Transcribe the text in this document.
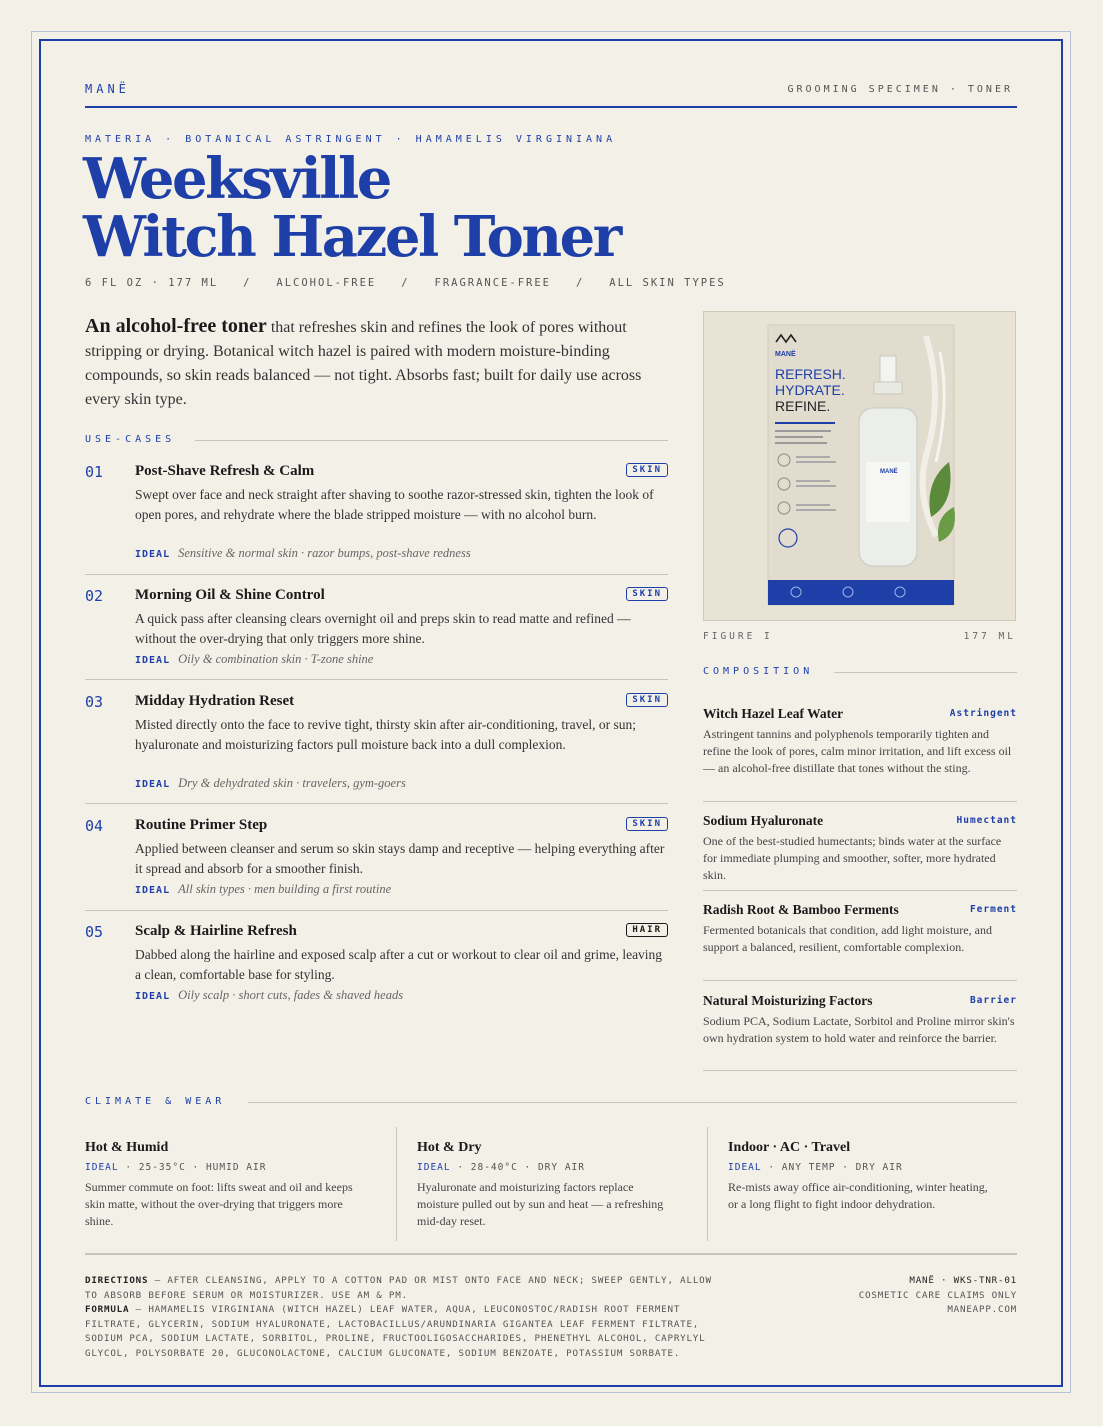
MANË	GROOMING SPECIMEN · TONER
MATERIA · BOTANICAL ASTRINGENT · HAMAMELIS VIRGINIANA
Weeksville
Witch Hazel Toner
6 FL OZ · 177 ML   /   ALCOHOL-FREE   /   FRAGRANCE-FREE   /   ALL SKIN TYPES
An alcohol-free toner that refreshes skin and refines the look of pores without stripping or drying. Botanical witch hazel is paired with modern moisture-binding compounds, so skin reads balanced — not tight. Absorbs fast; built for daily use across every skin type.
USE-CASES
01 Post-Shave Refresh & Calm	SKIN
Swept over face and neck straight after shaving to soothe razor-stressed skin, tighten the look of open pores, and rehydrate where the blade stripped moisture — with no alcohol burn.
IDEAL Sensitive & normal skin · razor bumps, post-shave redness
02 Morning Oil & Shine Control	SKIN
A quick pass after cleansing clears overnight oil and preps skin to read matte and refined — without the over-drying that only triggers more shine.
IDEAL Oily & combination skin · T-zone shine
03 Midday Hydration Reset	SKIN
Misted directly onto the face to revive tight, thirsty skin after air-conditioning, travel, or sun; hyaluronate and moisturizing factors pull moisture back into a dull complexion.
IDEAL Dry & dehydrated skin · travelers, gym-goers
04 Routine Primer Step	SKIN
Applied between cleanser and serum so skin stays damp and receptive — helping everything after it spread and absorb for a smoother finish.
IDEAL All skin types · men building a first routine
05 Scalp & Hairline Refresh	HAIR
Dabbed along the hairline and exposed scalp after a cut or workout to clear oil and grime, leaving a clean, comfortable base for styling.
IDEAL Oily scalp · short cuts, fades & shaved heads
MANË
REFRESH.
HYDRATE.
REFINE.
MANË
FIGURE I	177 ML
COMPOSITION
Witch Hazel Leaf Water	Astringent
Astringent tannins and polyphenols temporarily tighten and refine the look of pores, calm minor irritation, and lift excess oil — an alcohol-free distillate that tones without the sting.
Sodium Hyaluronate	Humectant
One of the best-studied humectants; binds water at the surface for immediate plumping and smoother, softer, more hydrated skin.
Radish Root & Bamboo Ferments	Ferment
Fermented botanicals that condition, add light moisture, and support a balanced, resilient, comfortable complexion.
Natural Moisturizing Factors	Barrier
Sodium PCA, Sodium Lactate, Sorbitol and Proline mirror skin's own hydration system to hold water and reinforce the barrier.
CLIMATE & WEAR
Hot & Humid
IDEAL · 25-35°C · HUMID AIR
Summer commute on foot: lifts sweat and oil and keeps skin matte, without the over-drying that triggers more shine.
Hot & Dry
IDEAL · 28-40°C · DRY AIR
Hyaluronate and moisturizing factors replace moisture pulled out by sun and heat — a refreshing mid-day reset.
Indoor · AC · Travel
IDEAL · ANY TEMP · DRY AIR
Re-mists away office air-conditioning, winter heating, or a long flight to fight indoor dehydration.
DIRECTIONS — AFTER CLEANSING, APPLY TO A COTTON PAD OR MIST ONTO FACE AND NECK; SWEEP GENTLY, ALLOW TO ABSORB BEFORE SERUM OR MOISTURIZER. USE AM & PM.
FORMULA — HAMAMELIS VIRGINIANA (WITCH HAZEL) LEAF WATER, AQUA, LEUCONOSTOC/RADISH ROOT FERMENT FILTRATE, GLYCERIN, SODIUM HYALURONATE, LACTOBACILLUS/ARUNDINARIA GIGANTEA LEAF FERMENT FILTRATE, SODIUM PCA, SODIUM LACTATE, SORBITOL, PROLINE, FRUCTOOLIGOSACCHARIDES, PHENETHYL ALCOHOL, CAPRYLYL GLYCOL, POLYSORBATE 20, GLUCONOLACTONE, CALCIUM GLUCONATE, SODIUM BENZOATE, POTASSIUM SORBATE.
MANË · WKS-TNR-01
COSMETIC CARE CLAIMS ONLY
MANEAPP.COM
